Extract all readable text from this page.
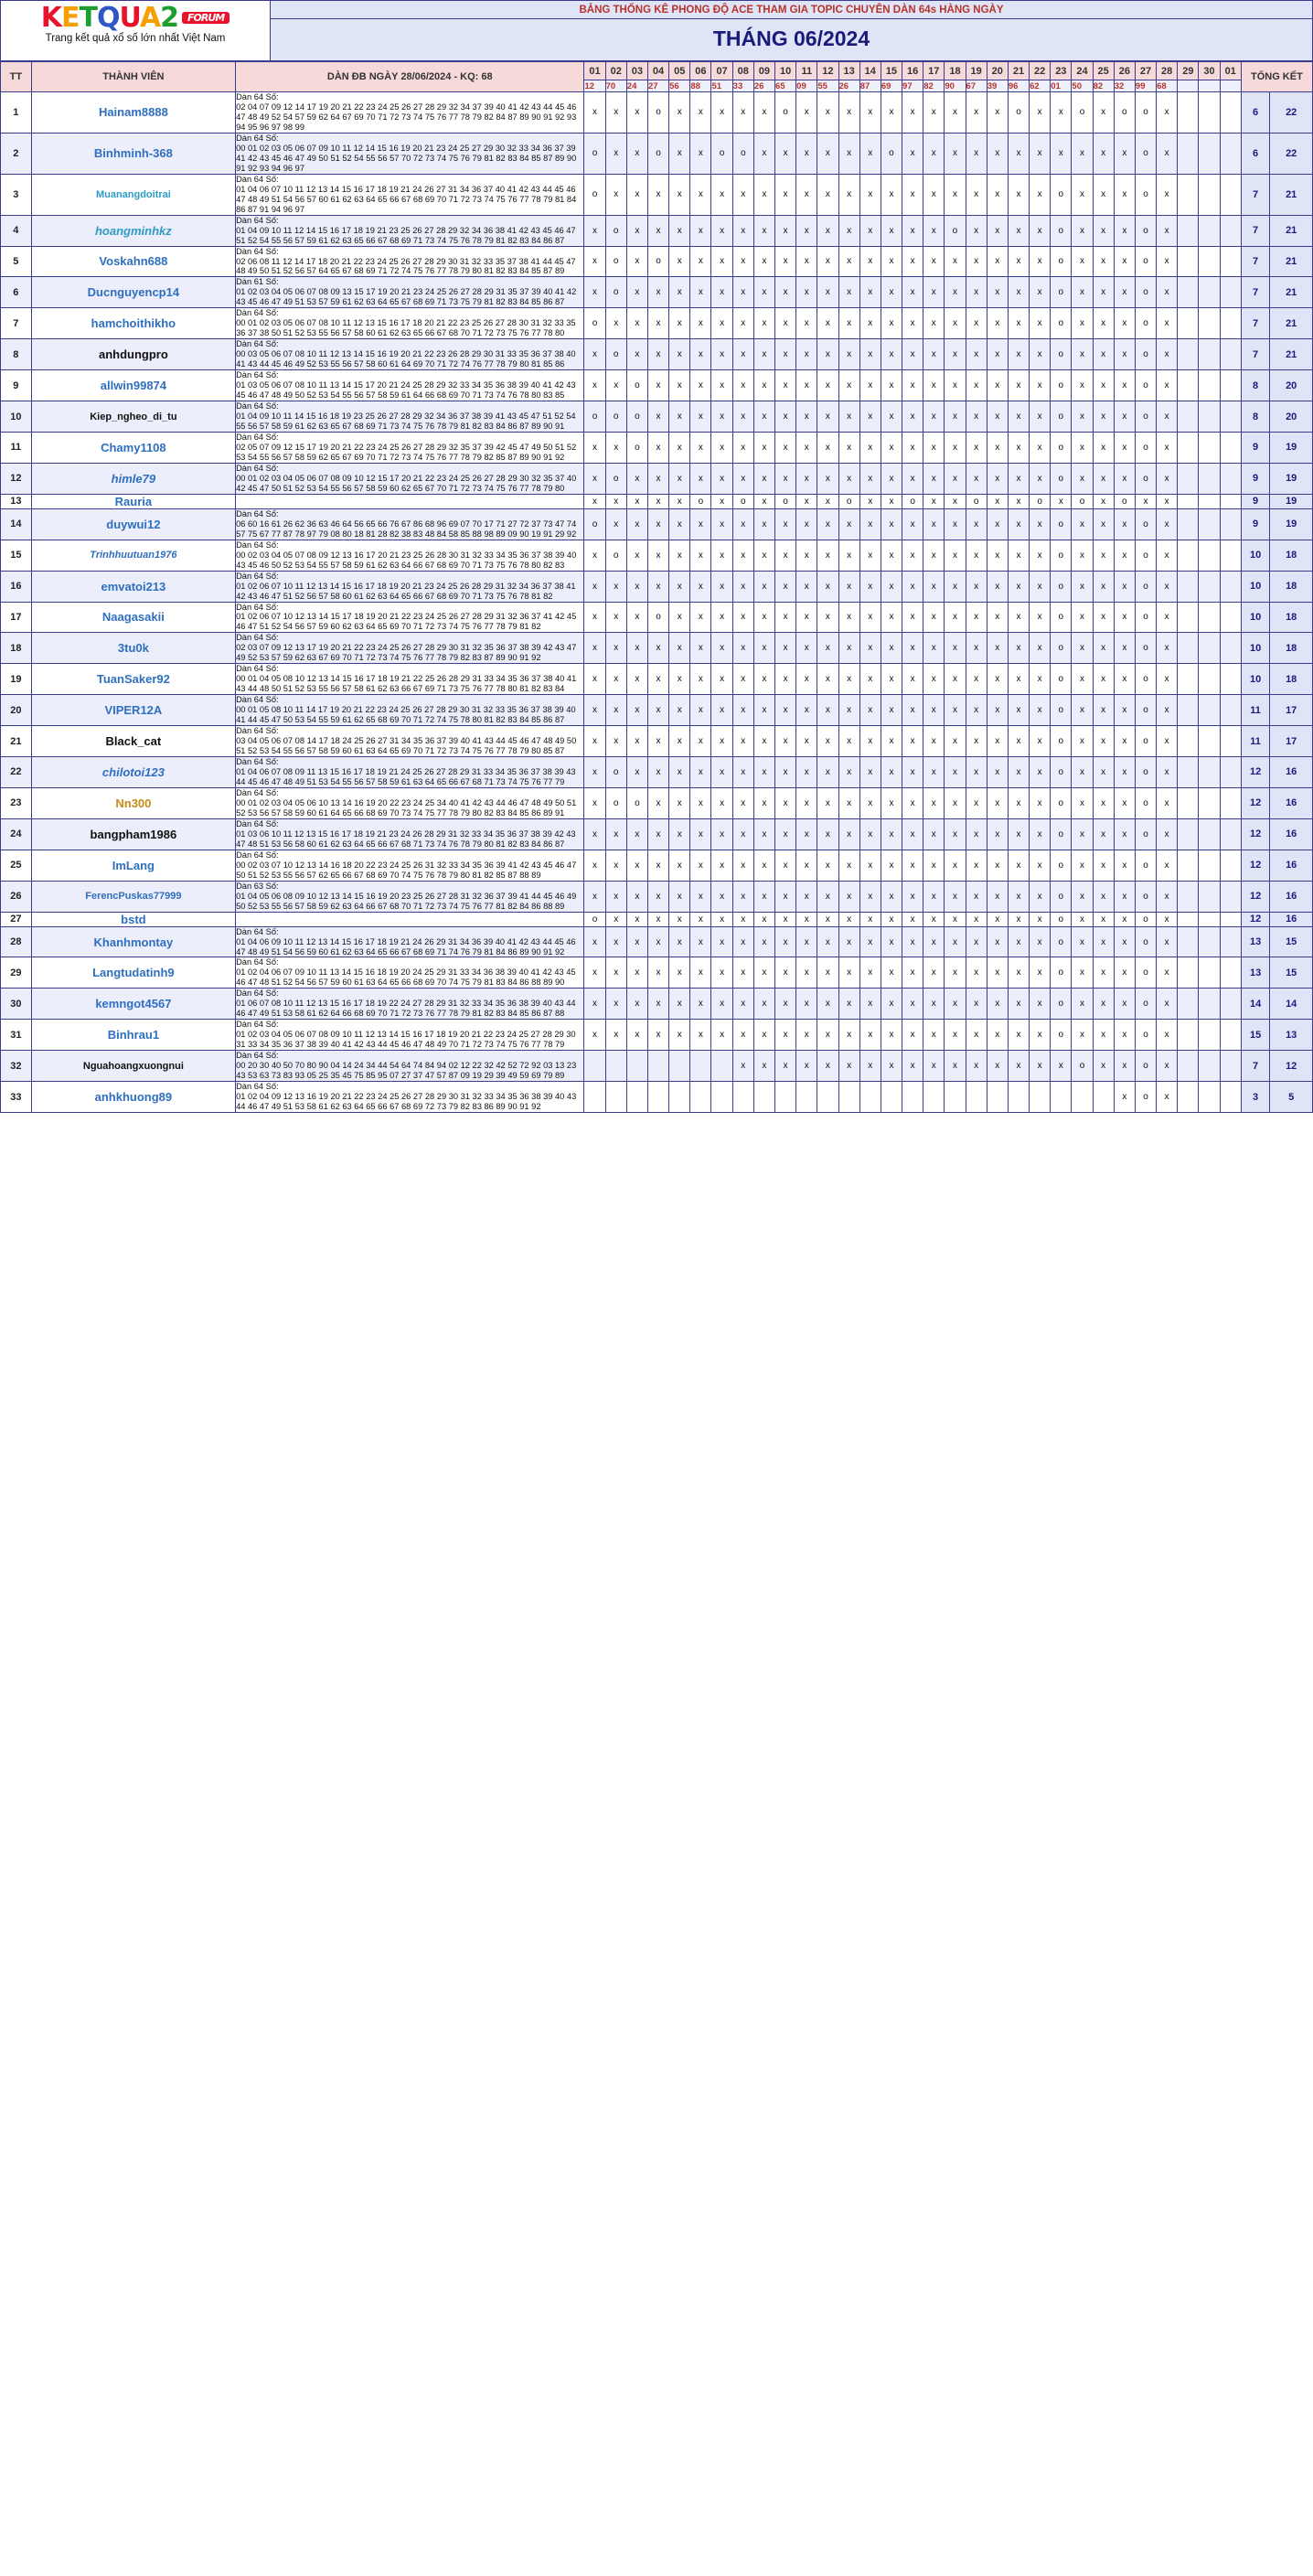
KETQUA2 FORUM
Trang kết quả xổ số lớn nhất Việt Nam
BẢNG THỐNG KÊ PHONG ĐỘ ACE THAM GIA TOPIC CHUYÊN DÀN 64s HÀNG NGÀY
THÁNG 06/2024
TT	THÀNH VIÊN	DÀN ĐB NGÀY 28/06/2024 - KQ: 68	01	02	03	04	05	06	07	08	09	10	11	12	13	14	15	16	17	18	19	20	21	22	23	24	25	26	27	28	29	30	01	TỔNG KẾT	
			12	70	24	27	56	88	51	33	26	65	09	55	26	87	69	97	82	90	67	39	96	62	01	50	82	32	99	68					
1	Hainam8888	Dàn 64 Số:
02 04 07 09 12 14 17 19 20 21 22 23 24 25 26 27 28 29 32 34 37 39 40 41 42 43 44 45 46 47 48 49 52 54 57 59 62 64 67 69 70 71 72 73 74 75 76 77 78 79 82 84 87 89 90 91 92 93 94 95 96 97 98 99	x	x	x	o	x	x	x	x	x	o	x	x	x	x	x	x	x	x	x	x	o	x	x	o	x	o	o	x				6	22
2	Binhminh-368	Dàn 64 Số:
00 01 02 03 05 06 07 09 10 11 12 14 15 16 19 20 21 23 24 25 27 29 30 32 33 34 36 37 39 41 42 43 45 46 47 49 50 51 52 54 55 56 57 70 72 73 74 75 76 79 81 82 83 84 85 87 89 90 91 92 93 94 96 97	o	x	x	o	x	x	o	o	x	x	x	x	x	x	o	x	x	x	x	x	x	x	x	x	x	x	o	x				6	22
3	Muanangdoitrai	Dàn 64 Số:
01 04 06 07 10 11 12 13 14 15 16 17 18 19 21 24 26 27 31 34 36 37 40 41 42 43 44 45 46 47 48 49 51 54 56 57 60 61 62 63 64 65 66 67 68 69 70 71 72 73 74 75 76 77 78 79 81 84 86 87 91 94 96 97	o	x	x	x	x	x	x	x	x	x	x	x	x	x	x	x	x	x	x	x	x	x	o	x	x	x	o	x				7	21
4	hoangminhkz	Dàn 64 Số:
01 04 09 10 11 12 14 15 16 17 18 19 21 23 25 26 27 28 29 32 34 36 38 41 42 43 45 46 47 51 52 54 55 56 57 59 61 62 63 65 66 67 68 69 71 73 74 75 76 78 79 81 82 83 84 86 87	x	o	x	x	x	x	x	x	x	x	x	x	x	x	x	x	x	o	x	x	x	x	o	x	x	x	o	x				7	21
5	Voskahn688	Dàn 64 Số:
02 06 08 11 12 14 17 18 20 21 22 23 24 25 26 27 28 29 30 31 32 33 35 37 38 41 44 45 47 48 49 50 51 52 56 57 64 65 67 68 69 71 72 74 75 76 77 78 79 80 81 82 83 84 85 87 89	x	o	x	o	x	x	x	x	x	x	x	x	x	x	x	x	x	x	x	x	x	x	o	x	x	x	o	x				7	21
6	Ducnguyencp14	Dàn 61 Số:
01 02 03 04 05 06 07 08 09 13 15 17 19 20 21 23 24 25 26 27 28 29 31 35 37 39 40 41 42 43 45 46 47 49 51 53 57 59 61 62 63 64 65 67 68 69 71 73 75 79 81 82 83 84 85 86 87	x	o	x	x	x	x	x	x	x	x	x	x	x	x	x	x	x	x	x	x	x	x	o	x	x	x	o	x				7	21
7	hamchoithikho	Dàn 64 Số:
00 01 02 03 05 06 07 08 10 11 12 13 15 16 17 18 20 21 22 23 25 26 27 28 30 31 32 33 35 36 37 38 50 51 52 53 55 56 57 58 60 61 62 63 65 66 67 68 70 71 72 73 75 76 77 78 80	o	x	x	x	x	x	x	x	x	x	x	x	x	x	x	x	x	x	x	x	x	x	o	x	x	x	o	x				7	21
8	anhdungpro	Dàn 64 Số:
00 03 05 06 07 08 10 11 12 13 14 15 16 19 20 21 22 23 26 28 29 30 31 33 35 36 37 38 40 41 43 44 45 46 49 52 53 55 56 57 58 60 61 64 69 70 71 72 74 76 77 78 79 80 81 85 86	x	o	x	x	x	x	x	x	x	x	x	x	x	x	x	x	x	x	x	x	x	x	o	x	x	x	o	x				7	21
9	allwin99874	Dàn 64 Số:
01 03 05 06 07 08 10 11 13 14 15 17 20 21 24 25 28 29 32 33 34 35 36 38 39 40 41 42 43 45 46 47 48 49 50 52 53 54 55 56 57 58 59 61 64 66 68 69 70 71 73 74 76 78 80 83 85	x	x	o	x	x	x	x	x	x	x	x	x	x	x	x	x	x	x	x	x	x	x	o	x	x	x	o	x				8	20
10	Kiep_ngheo_di_tu	Dàn 64 Số:
01 04 09 10 11 14 15 16 18 19 23 25 26 27 28 29 32 34 36 37 38 39 41 43 45 47 51 52 54 55 56 57 58 59 61 62 63 65 67 68 69 71 73 74 75 76 78 79 81 82 83 84 86 87 89 90 91	o	o	o	x	x	x	x	x	x	x	x	x	x	x	x	x	x	x	x	x	x	x	o	x	x	x	o	x				8	20
11	Chamy1108	Dàn 64 Số:
02 05 07 09 12 15 17 19 20 21 22 23 24 25 26 27 28 29 32 35 37 39 42 45 47 49 50 51 52 53 54 55 56 57 58 59 62 65 67 69 70 71 72 73 74 75 76 77 78 79 82 85 87 89 90 91 92	x	x	o	x	x	x	x	x	x	x	x	x	x	x	x	x	x	x	x	x	x	x	o	x	x	x	o	x				9	19
12	himle79	Dàn 64 Số:
00 01 02 03 04 05 06 07 08 09 10 12 15 17 20 21 22 23 24 25 26 27 28 29 30 32 35 37 40 42 45 47 50 51 52 53 54 55 56 57 58 59 60 62 65 67 70 71 72 73 74 75 76 77 78 79 80	x	o	x	x	x	x	x	x	x	x	x	x	x	x	x	x	x	x	x	x	x	x	o	x	x	x	o	x				9	19
13	Rauria		x	x	x	x	x	o	x	o	x	o	x	x	o	x	x	o	x	x	o	x	x	o	x	o	x	o	x	x				9	19
14	duywui12	Dàn 64 Số:
06 60 16 61 26 62 36 63 46 64 56 65 66 76 67 86 68 96 69 07 70 17 71 27 72 37 73 47 74 57 75 67 77 87 78 97 79 08 80 18 81 28 82 38 83 48 84 58 85 88 98 89 09 90 19 91 29 92	o	x	x	x	x	x	x	x	x	x	x	x	x	x	x	x	x	x	x	x	x	x	o	x	x	x	o	x				9	19
15	Trinhhuutuan1976	Dàn 64 Số:
00 02 03 04 05 07 08 09 12 13 16 17 20 21 23 25 26 28 30 31 32 33 34 35 36 37 38 39 40 43 45 46 50 52 53 54 55 57 58 59 61 62 63 64 66 67 68 69 70 71 73 75 76 78 80 82 83	x	o	x	x	x	x	x	x	x	x	x	x	x	x	x	x	x	x	x	x	x	x	o	x	x	x	o	x				10	18
16	emvatoi213	Dàn 64 Số:
01 02 06 07 10 11 12 13 14 15 16 17 18 19 20 21 23 24 25 26 28 29 31 32 34 36 37 38 41 42 43 46 47 51 52 56 57 58 60 61 62 63 64 65 66 67 68 69 70 71 73 75 76 78 81 82	x	x	x	x	x	x	x	x	x	x	x	x	x	x	x	x	x	x	x	x	x	x	o	x	x	x	o	x				10	18
17	Naagasakii	Dàn 64 Số:
01 02 06 07 10 12 13 14 15 17 18 19 20 21 22 23 24 25 26 27 28 29 31 32 36 37 41 42 45 46 47 51 52 54 56 57 59 60 62 63 64 65 69 70 71 72 73 74 75 76 77 78 79 81 82	x	x	x	o	x	x	x	x	x	x	x	x	x	x	x	x	x	x	x	x	x	x	o	x	x	x	o	x				10	18
18	3tu0k	Dàn 64 Số:
02 03 07 09 12 13 17 19 20 21 22 23 24 25 26 27 28 29 30 31 32 35 36 37 38 39 42 43 47 49 52 53 57 59 62 63 67 69 70 71 72 73 74 75 76 77 78 79 82 83 87 89 90 91 92	x	x	x	x	x	x	x	x	x	x	x	x	x	x	x	x	x	x	x	x	x	x	o	x	x	x	o	x				10	18
19	TuanSaker92	Dàn 64 Số:
00 01 04 05 08 10 12 13 14 15 16 17 18 19 21 22 25 26 28 29 31 33 34 35 36 37 38 40 41 43 44 48 50 51 52 53 55 56 57 58 61 62 63 66 67 69 71 73 75 76 77 78 80 81 82 83 84	x	x	x	x	x	x	x	x	x	x	x	x	x	x	x	x	x	x	x	x	x	x	o	x	x	x	o	x				10	18
20	VIPER12A	Dàn 64 Số:
00 01 05 08 10 11 14 17 19 20 21 22 23 24 25 26 27 28 29 30 31 32 33 35 36 37 38 39 40 41 44 45 47 50 53 54 55 59 61 62 65 68 69 70 71 72 74 75 78 80 81 82 83 84 85 86 87	x	x	x	x	x	x	x	x	x	x	x	x	x	x	x	x	x	x	x	x	x	x	o	x	x	x	o	x				11	17
21	Black_cat	Dàn 64 Số:
03 04 05 06 07 08 14 17 18 24 25 26 27 31 34 35 36 37 39 40 41 43 44 45 46 47 48 49 50 51 52 53 54 55 56 57 58 59 60 61 63 64 65 69 70 71 72 73 74 75 76 77 78 79 80 85 87	x	x	x	x	x	x	x	x	x	x	x	x	x	x	x	x	x	x	x	x	x	x	o	x	x	x	o	x				11	17
22	chilotoi123	Dàn 64 Số:
01 04 06 07 08 09 11 13 15 16 17 18 19 21 24 25 26 27 28 29 31 33 34 35 36 37 38 39 43 44 45 46 47 48 49 51 53 54 55 56 57 58 59 61 63 64 65 66 67 68 71 73 74 75 76 77 79	x	o	x	x	x	x	x	x	x	x	x	x	x	x	x	x	x	x	x	x	x	x	o	x	x	x	o	x				12	16
23	Nn300	Dàn 64 Số:
00 01 02 03 04 05 06 10 13 14 16 19 20 22 23 24 25 34 40 41 42 43 44 46 47 48 49 50 51 52 53 56 57 58 59 60 61 64 65 66 68 69 70 73 74 75 77 78 79 80 82 83 84 85 86 89 91	x	o	o	x	x	x	x	x	x	x	x	x	x	x	x	x	x	x	x	x	x	x	o	x	x	x	o	x				12	16
24	bangpham1986	Dàn 64 Số:
01 03 06 10 11 12 13 15 16 17 18 19 21 23 24 26 28 29 31 32 33 34 35 36 37 38 39 42 43 47 48 51 53 56 58 60 61 62 63 64 65 66 67 68 71 73 74 76 78 79 80 81 82 83 84 86 87	x	x	x	x	x	x	x	x	x	x	x	x	x	x	x	x	x	x	x	x	x	x	o	x	x	x	o	x				12	16
25	ImLang	Dàn 64 Số:
00 02 03 07 10 12 13 14 16 18 20 22 23 24 25 26 31 32 33 34 35 36 39 41 42 43 45 46 47 50 51 52 53 55 56 57 62 65 66 67 68 69 70 74 75 76 78 79 80 81 82 85 87 88 89	x	x	x	x	x	x	x	x	x	x	x	x	x	x	x	x	x	x	x	x	x	x	o	x	x	x	o	x				12	16
26	FerencPuskas77999	Dàn 63 Số:
01 04 05 06 08 09 10 12 13 14 15 16 19 20 23 25 26 27 28 31 32 36 37 39 41 44 45 46 49 50 52 53 55 56 57 58 59 62 63 64 66 67 68 70 71 72 73 74 75 76 77 81 82 84 86 88 89	x	x	x	x	x	x	x	x	x	x	x	x	x	x	x	x	x	x	x	x	x	x	o	x	x	x	o	x				12	16
27	bstd		o	x	x	x	x	x	x	x	x	x	x	x	x	x	x	x	x	x	x	x	x	x	o	x	x	x	o	x				12	16
28	Khanhmontay	Dàn 64 Số:
01 04 06 09 10 11 12 13 14 15 16 17 18 19 21 24 26 29 31 34 36 39 40 41 42 43 44 45 46 47 48 49 51 54 56 59 60 61 62 63 64 65 66 67 68 69 71 74 76 79 81 84 86 89 90 91 92	x	x	x	x	x	x	x	x	x	x	x	x	x	x	x	x	x	x	x	x	x	x	o	x	x	x	o	x				13	15
29	Langtudatinh9	Dàn 64 Số:
01 02 04 06 07 09 10 11 13 14 15 16 18 19 20 24 25 29 31 33 34 36 38 39 40 41 42 43 45 46 47 48 51 52 54 56 57 59 60 61 63 64 65 66 68 69 70 74 75 79 81 83 84 86 88 89 90	x	x	x	x	x	x	x	x	x	x	x	x	x	x	x	x	x	x	x	x	x	x	o	x	x	x	o	x				13	15
30	kemngot4567	Dàn 64 Số:
01 06 07 08 10 11 12 13 15 16 17 18 19 22 24 27 28 29 31 32 33 34 35 36 38 39 40 43 44 46 47 49 51 53 58 61 62 64 66 68 69 70 71 72 73 76 77 78 79 81 82 83 84 85 86 87 88	x	x	x	x	x	x	x	x	x	x	x	x	x	x	x	x	x	x	x	x	x	x	o	x	x	x	o	x				14	14
31	Binhrau1	Dàn 64 Số:
01 02 03 04 05 06 07 08 09 10 11 12 13 14 15 16 17 18 19 20 21 22 23 24 25 27 28 29 30 31 33 34 35 36 37 38 39 40 41 42 43 44 45 46 47 48 49 70 71 72 73 74 75 76 77 78 79	x	x	x	x	x	x	x	x	x	x	x	x	x	x	x	x	x	x	x	x	x	x	o	x	x	x	o	x				15	13
32	Nguahoangxuongnui	Dàn 64 Số:
00 20 30 40 50 70 80 90 04 14 24 34 44 54 64 74 84 94 02 12 22 32 42 52 72 92 03 13 23 43 53 63 73 83 93 05 25 35 45 75 85 95 07 27 37 47 57 87 09 19 29 39 49 59 69 79 89								x	x	x	x	x	x	x	x	x	x	x	x	x	x	x	x	o	x	x	o	x				7	12
33	anhkhuong89	Dàn 64 Số:
01 02 04 09 12 13 16 19 20 21 22 23 24 25 26 27 28 29 30 31 32 33 34 35 36 38 39 40 43 44 46 47 49 51 53 58 61 62 63 64 65 66 67 68 69 72 73 79 82 83 86 89 90 91 92																										x	o	x				3	5
